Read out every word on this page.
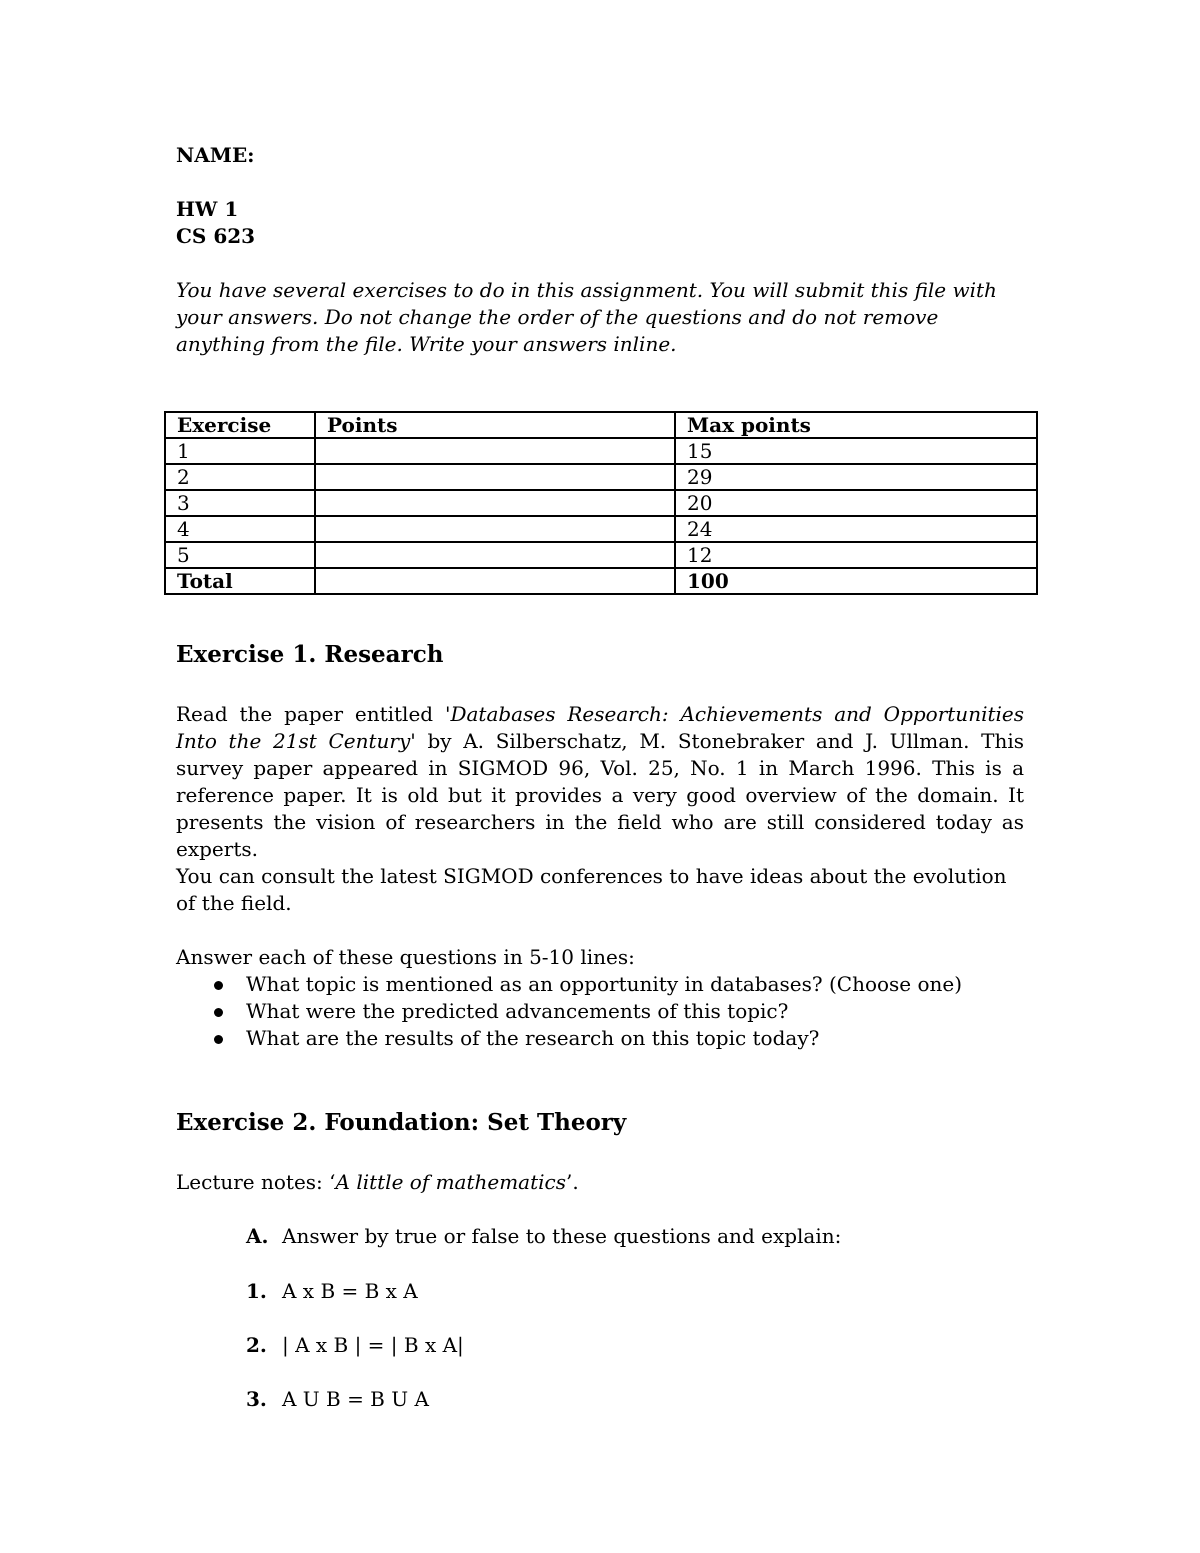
NAME:

HW 1

CS 623

You have several exercises to do in this assignment. You will submit this file with your answers. Do not change the order of the questions and do not remove anything from the file. Write your answers inline.

Exercise	Points	Max points
1		15
2		29
3		20
4		24
5		12
Total		100
Exercise 1. Research
Read the paper entitled 'Databases Research: Achievements and Opportunities Into the 21st Century' by A. Silberschatz, M. Stonebraker and J. Ullman. This survey paper appeared in SIGMOD 96, Vol. 25, No. 1 in March 1996. This is a reference paper. It is old but it provides a very good overview of the domain. It presents the vision of researchers in the field who are still considered today as experts.
You can consult the latest SIGMOD conferences to have ideas about the evolution of the field.

Answer each of these questions in 5-10 lines:

What topic is mentioned as an opportunity in databases? (Choose one)
What were the predicted advancements of this topic?
What are the results of the research on this topic today?
Exercise 2. Foundation: Set Theory
Lecture notes: ‘A little of mathematics’.
A. Answer by true or false to these questions and explain:
1. A x B = B x A
2. | A x B | = | B x A|
3. A U B = B U A
